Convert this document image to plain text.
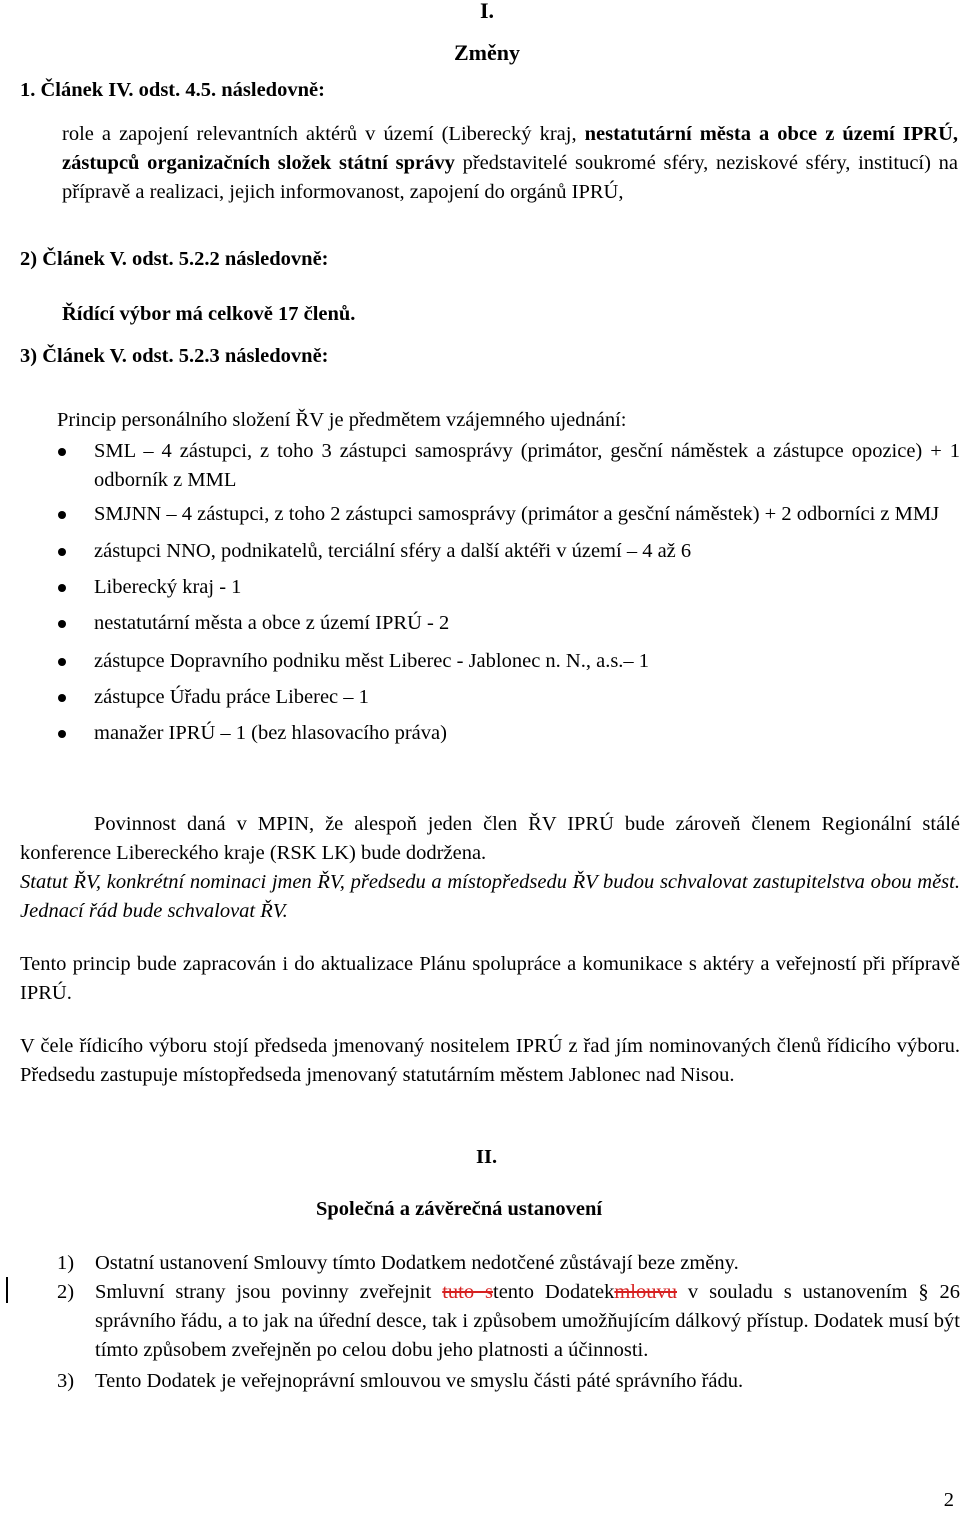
I.
Změny
1. Článek IV. odst. 4.5. následovně:

role a zapojení relevantních aktérů v území (Liberecký kraj, nestatutární města a obce z území IPRÚ, zástupců organizačních složek státní správy představitelé soukromé sféry, neziskové sféry, institucí) na přípravě a realizaci, jejich informovanost, zapojení do orgánů IPRÚ,

2) Článek V. odst. 5.2.2 následovně:
Řídící výbor má celkově 17 členů.
3) Článek V. odst. 5.2.3 následovně:
Princip personálního složení ŘV je předmětem vzájemného ujednání:
SML – 4 zástupci, z toho 3 zástupci samosprávy (primátor, gesční náměstek a zástupce opozice) + 1 odborník z MML
SMJNN – 4 zástupci, z toho 2 zástupci samosprávy (primátor a gesční náměstek) + 2 odborníci z MMJ
zástupci NNO, podnikatelů, terciální sféry a další aktéři v území – 4 až 6
Liberecký kraj - 1
nestatutární města a obce z území IPRÚ - 2
zástupce Dopravního podniku měst Liberec - Jablonec n. N., a.s.– 1
zástupce Úřadu práce Liberec – 1
manažer IPRÚ – 1 (bez hlasovacího práva)

Povinnost daná v MPIN, že alespoň jeden člen ŘV IPRÚ bude zároveň členem Regionální stálé konference Libereckého kraje (RSK LK) bude dodržena.

Statut ŘV, konkrétní nominaci jmen ŘV, předsedu a místopředsedu ŘV budou schvalovat zastupitelstva obou měst. Jednací řád bude schvalovat ŘV.

Tento princip bude zapracován i do aktualizace Plánu spolupráce a komunikace s aktéry a veřejností při přípravě IPRÚ.

V čele řídicího výboru stojí předseda jmenovaný nositelem IPRÚ z řad jím nominovaných členů řídicího výboru. Předsedu zastupuje místopředseda jmenovaný statutárním městem Jablonec nad Nisou.

II.
Společná a závěrečná ustanovení
1) Ostatní ustanovení Smlouvy tímto Dodatkem nedotčené zůstávají beze změny.
2) Smluvní strany jsou povinny zveřejnit tuto stento Dodatekmlouvu v souladu s ustanovením § 26 správního řádu, a to jak na úřední desce, tak i způsobem umožňujícím dálkový přístup. Dodatek musí být tímto způsobem zveřejněn po celou dobu jeho platnosti a účinnosti.
3) Tento Dodatek je veřejnoprávní smlouvou ve smyslu části páté správního řádu.
2
